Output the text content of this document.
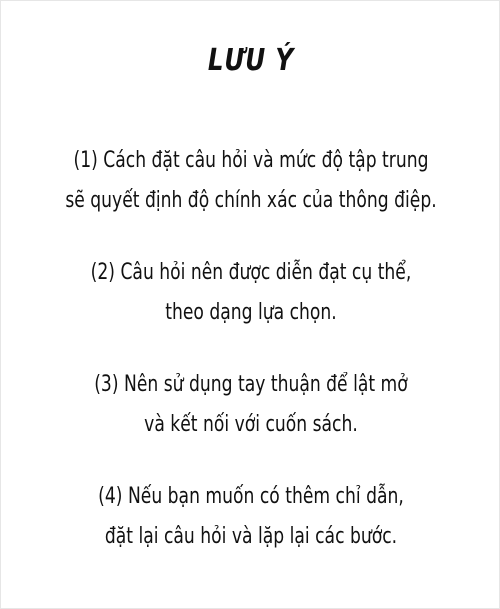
LƯU Ý
(1) Cách đặt câu hỏi và mức độ tập trung
sẽ quyết định độ chính xác của thông điệp.
(2) Câu hỏi nên được diễn đạt cụ thể,
theo dạng lựa chọn.
(3) Nên sử dụng tay thuận để lật mở
và kết nối với cuốn sách.
(4) Nếu bạn muốn có thêm chỉ dẫn,
đặt lại câu hỏi và lặp lại các bước.
